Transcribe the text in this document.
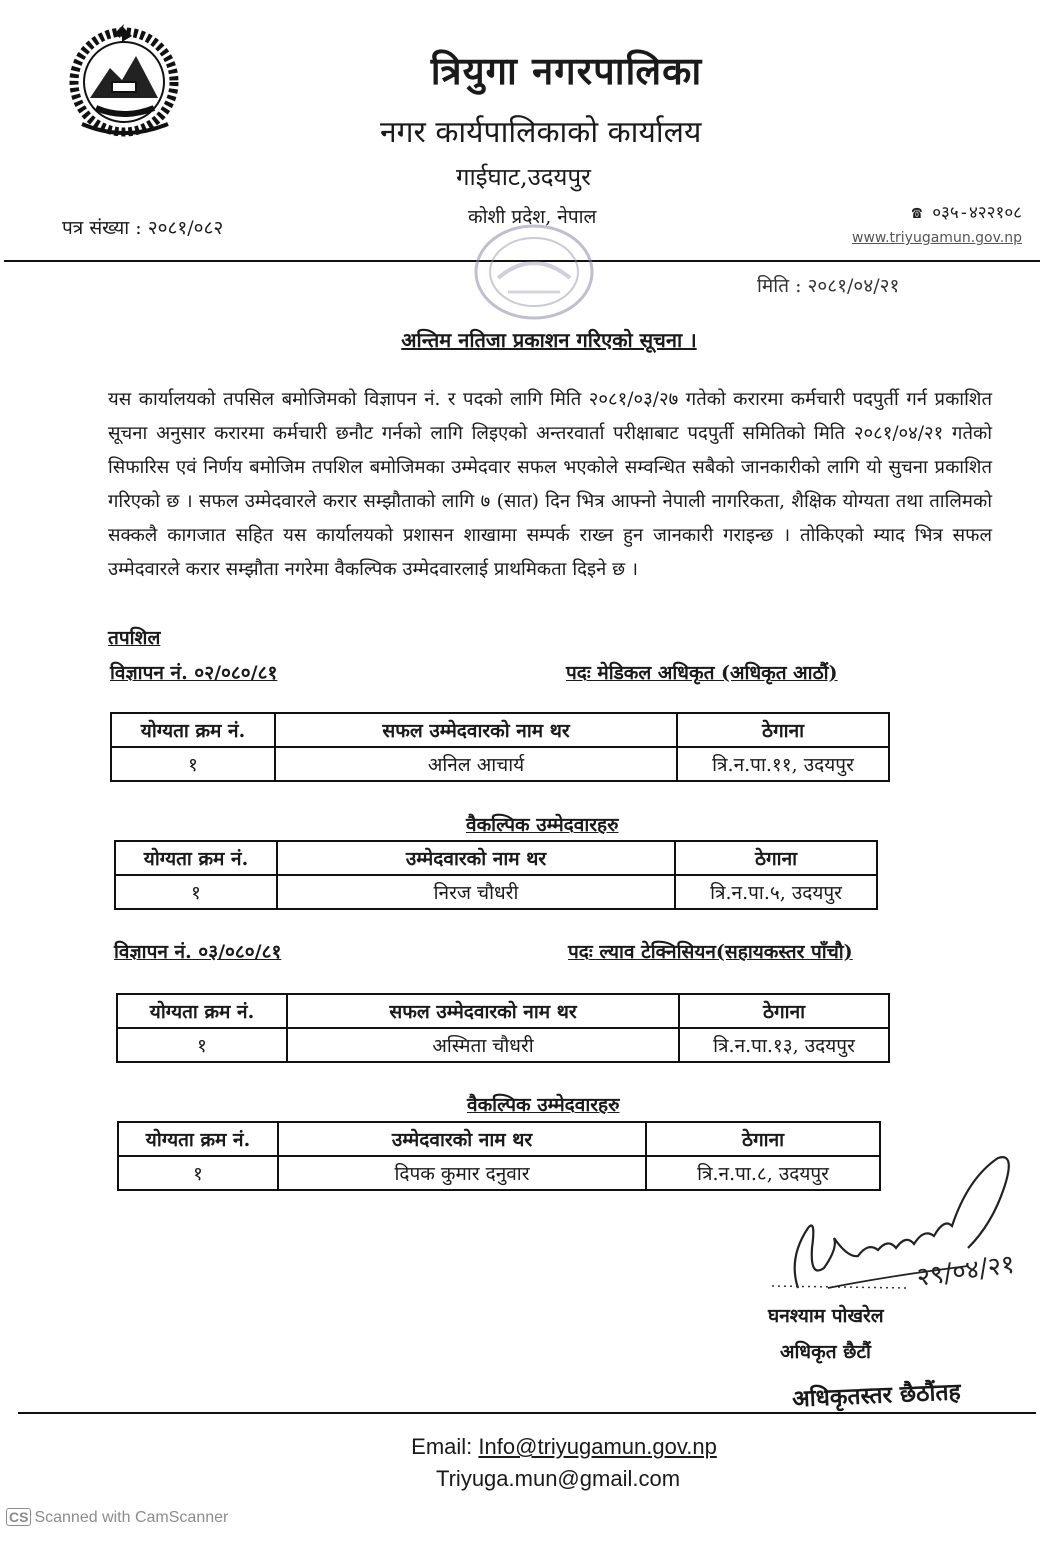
त्रियुगा नगरपालिका
नगर कार्यपालिकाको कार्यालय
गाईघाट,उदयपुर
कोशी प्रदेश, नेपाल
पत्र संख्या : २०८१/०८२
☎ ०३५-४२२१०८
www.triyugamun.gov.np
मिति : २०८१/०४/२१
अन्तिम नतिजा प्रकाशन गरिएको सूचना ।
यस कार्यालयको तपसिल बमोजिमको विज्ञापन नं. र पदको लागि मिति २०८१/०३/२७ गतेको करारमा कर्मचारी पदपुर्ती गर्न प्रकाशित सूचना अनुसार करारमा कर्मचारी छनौट गर्नको लागि लिइएको अन्तरवार्ता परीक्षाबाट पदपुर्ती समितिको मिति २०८१/०४/२१ गतेको सिफारिस एवं निर्णय बमोजिम तपशिल बमोजिमका उम्मेदवार सफल भएकोले सम्वन्धित सबैको जानकारीको लागि यो सुचना प्रकाशित गरिएको छ । सफल उम्मेदवारले करार सम्झौताको लागि ७ (सात) दिन भित्र आफ्नो नेपाली नागरिकता, शैक्षिक योग्यता तथा तालिमको सक्कलै कागजात सहित यस कार्यालयको प्रशासन शाखामा सम्पर्क राख्न हुन जानकारी गराइन्छ । तोकिएको म्याद भित्र सफल उम्मेदवारले करार सम्झौता नगरेमा वैकल्पिक उम्मेदवारलाई प्राथमिकता दिइने छ ।
तपशिल
विज्ञापन नं. ०२/०८०/८१	पदः मेडिकल अधिकृत (अधिकृत आठौं)
योग्यता क्रम नं.	सफल उम्मेदवारको नाम थर	ठेगाना
१	अनिल आचार्य	त्रि.न.पा.११, उदयपुर
वैकल्पिक उम्मेदवारहरु
योग्यता क्रम नं.	उम्मेदवारको नाम थर	ठेगाना
१	निरज चौधरी	त्रि.न.पा.५, उदयपुर
विज्ञापन नं. ०३/०८०/८१	पदः ल्याव टेक्निसियन(सहायकस्तर पाँचौ)
योग्यता क्रम नं.	सफल उम्मेदवारको नाम थर	ठेगाना
१	अस्मिता चौधरी	त्रि.न.पा.१३, उदयपुर
वैकल्पिक उम्मेदवारहरु
योग्यता क्रम नं.	उम्मेदवारको नाम थर	ठेगाना
१	दिपक कुमार दनुवार	त्रि.न.पा.८, उदयपुर
२९/०४/२१
घनश्याम पोखरेल
अधिकृत छैटौं
अधिकृतस्तर छैठौंतह
Email: Info@triyugamun.gov.np
Triyuga.mun@gmail.com
CS Scanned with CamScanner
